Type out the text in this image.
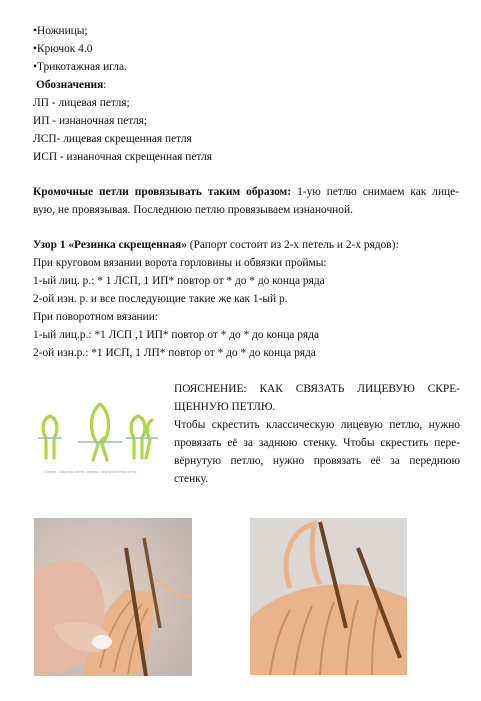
•Ножницы;
•Крючок 4.0
•Трикотажная игла.
Обозначения:
ЛП - лицевая петля;
ИП - изнаночная петля;
ЛСП- лицевая скрещенная петля
ИСП - изнаночная скрещенная петля
Кромочные петли провязывать таким образом: 1-ую петлю снимаем как лице-
вую, не провязывая. Последнюю петлю провязываем изнаночной.
Узор 1 «Резинка скрещенная» (Рапорт состоит из 2-х петель и 2-х рядов):
При круговом вязании ворота горловины и обвязки проймы:
1-ый лиц. р.: * 1 ЛСП, 1 ИП* повтор от * до * до конца ряда
2-ой изн. р. и все последующие такие же как 1-ый р.
При поворотном вязании:
1-ый лиц.р.: *1 ЛСП ,1 ИП* повтор от * до * до конца ряда
2-ой изн.р.: *1 ИСП, 1 ЛП* повтор от * до * до конца ряда
ПОЯСНЕНИЕ: КАК СВЯЗАТЬ ЛИЦЕВУЮ СКРЕ-
ЩЕННУЮ ПЕТЛЮ.
Чтобы скрестить классическую лицевую петлю, нужно
провязать её за заднюю стенку. Чтобы скрестить пере-
вёрнутую петлю, нужно провязать её за переднюю
стенку.
Стежки - обычная петля, справа - перекрученная петля
